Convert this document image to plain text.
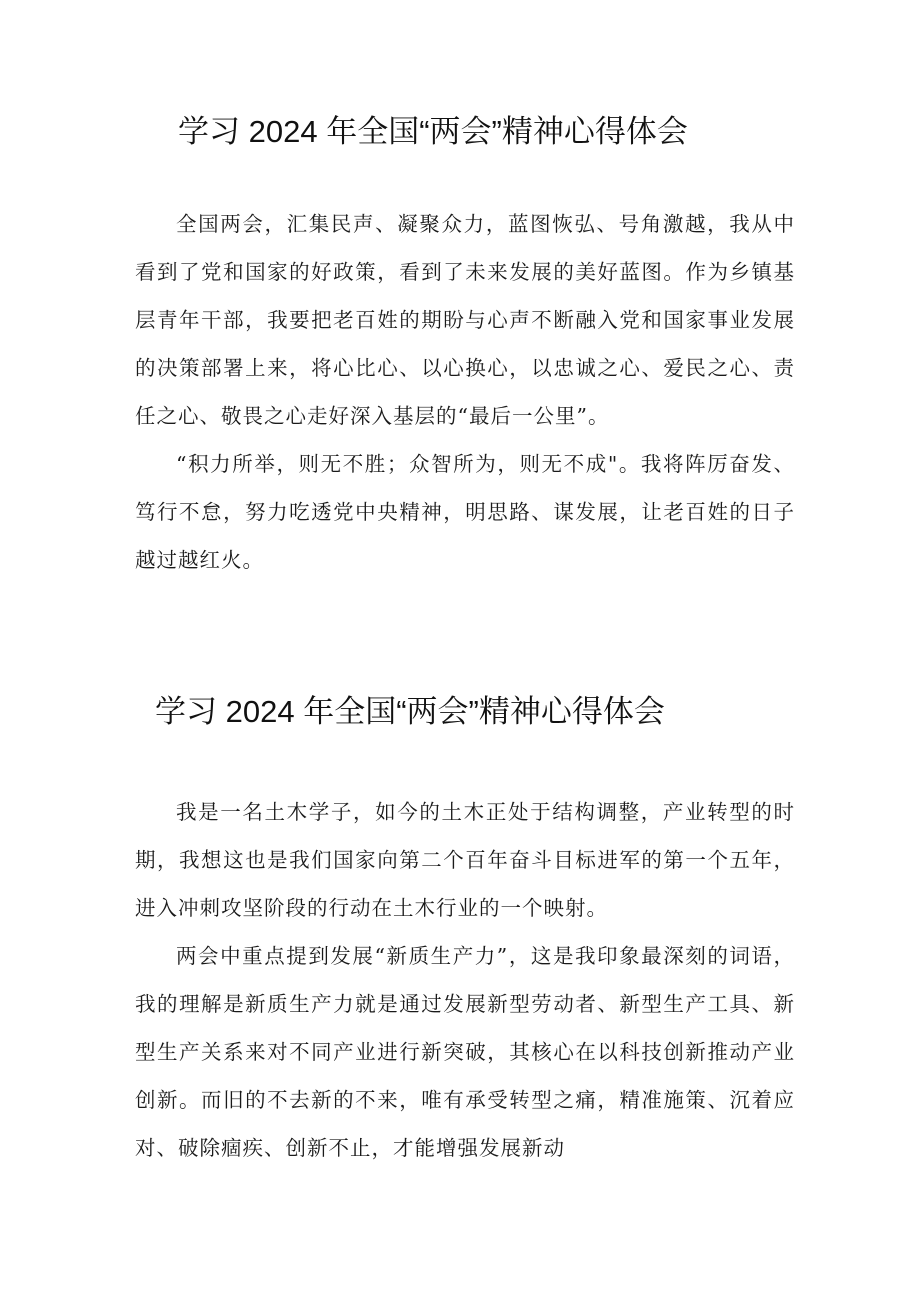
学习 2024 年全国“两会”精神心得体会

全国两会，汇集民声、凝聚众力，蓝图恢弘、号角激越，我从中看到了党和国家的好政策，看到了未来发展的美好蓝图。作为乡镇基层青年干部，我要把老百姓的期盼与心声不断融入党和国家事业发展的决策部署上来，将心比心、以心换心，以忠诚之心、爱民之心、责任之心、敬畏之心走好深入基层的“最后一公里”。

“积力所举，则无不胜；众智所为，则无不成"。我将阵厉奋发、笃行不怠，努力吃透党中央精神，明思路、谋发展，让老百姓的日子越过越红火。

学习 2024 年全国“两会”精神心得体会

我是一名土木学子，如今的土木正处于结构调整，产业转型的时期，我想这也是我们国家向第二个百年奋斗目标进军的第一个五年，进入冲刺攻坚阶段的行动在土木行业的一个映射。

两会中重点提到发展“新质生产力”，这是我印象最深刻的词语，我的理解是新质生产力就是通过发展新型劳动者、新型生产工具、新型生产关系来对不同产业进行新突破，其核心在以科技创新推动产业创新。而旧的不去新的不来，唯有承受转型之痛，精准施策、沉着应对、破除痼疾、创新不止，才能增强发展新动
